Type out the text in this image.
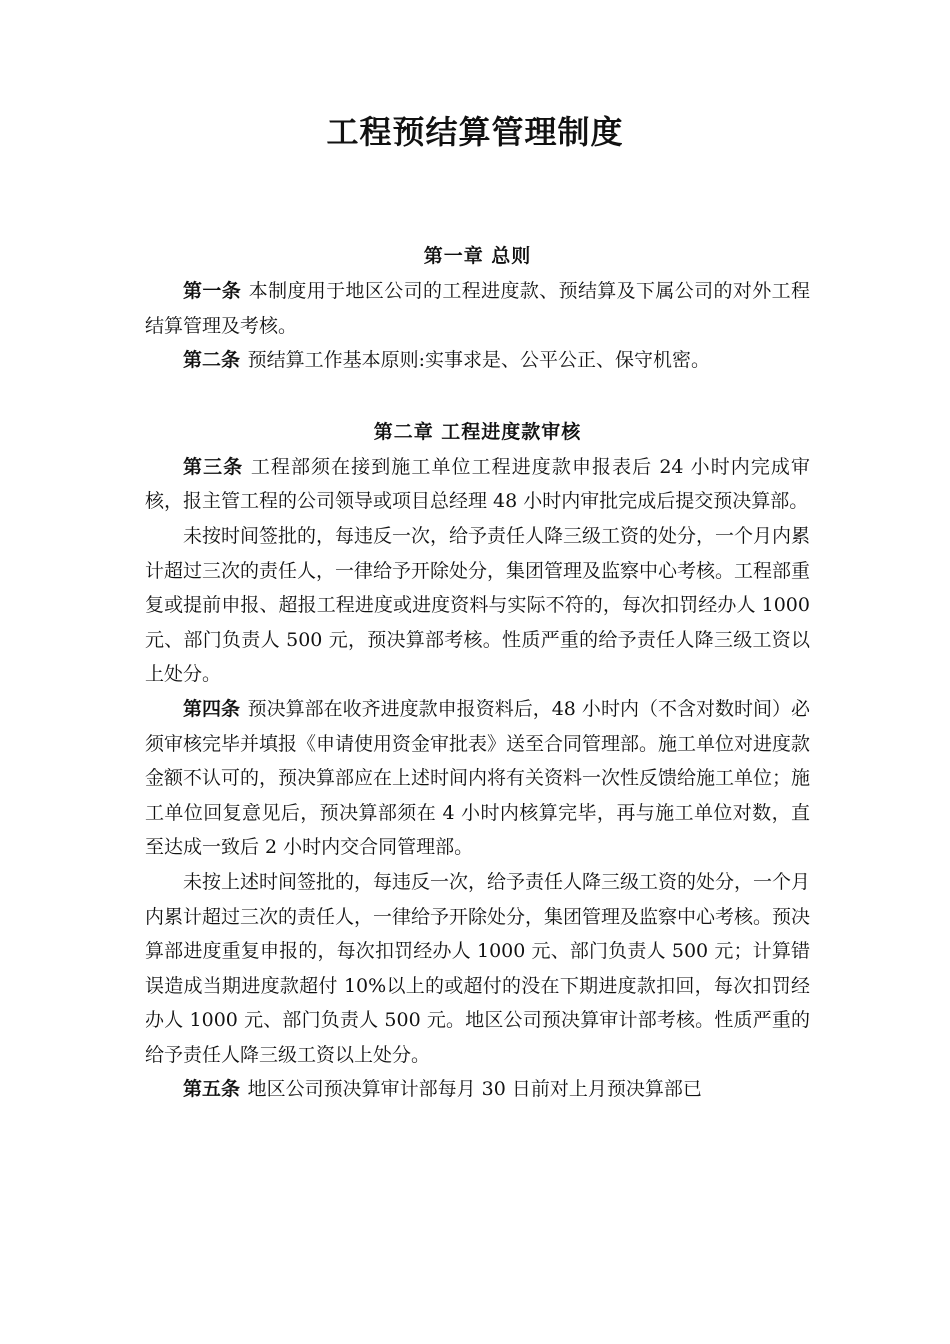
工程预结算管理制度
第一章 总则

第一条 本制度用于地区公司的工程进度款、预结算及下属公司的对外工程结算管理及考核。

第二条 预结算工作基本原则:实事求是、公平公正、保守机密。

第二章 工程进度款审核

第三条 工程部须在接到施工单位工程进度款申报表后 24 小时内完成审核，报主管工程的公司领导或项目总经理 48 小时内审批完成后提交预决算部。

未按时间签批的，每违反一次，给予责任人降三级工资的处分，一个月内累计超过三次的责任人，一律给予开除处分，集团管理及监察中心考核。工程部重复或提前申报、超报工程进度或进度资料与实际不符的，每次扣罚经办人 1000 元、部门负责人 500 元，预决算部考核。性质严重的给予责任人降三级工资以上处分。

第四条 预决算部在收齐进度款申报资料后，48 小时内（不含对数时间）必须审核完毕并填报《申请使用资金审批表》送至合同管理部。施工单位对进度款金额不认可的，预决算部应在上述时间内将有关资料一次性反馈给施工单位；施工单位回复意见后，预决算部须在 4 小时内核算完毕，再与施工单位对数，直至达成一致后 2 小时内交合同管理部。

未按上述时间签批的，每违反一次，给予责任人降三级工资的处分，一个月内累计超过三次的责任人，一律给予开除处分，集团管理及监察中心考核。预决算部进度重复申报的，每次扣罚经办人 1000 元、部门负责人 500 元；计算错误造成当期进度款超付 10%以上的或超付的没在下期进度款扣回，每次扣罚经办人 1000 元、部门负责人 500 元。地区公司预决算审计部考核。性质严重的给予责任人降三级工资以上处分。

第五条 地区公司预决算审计部每月 30 日前对上月预决算部已
